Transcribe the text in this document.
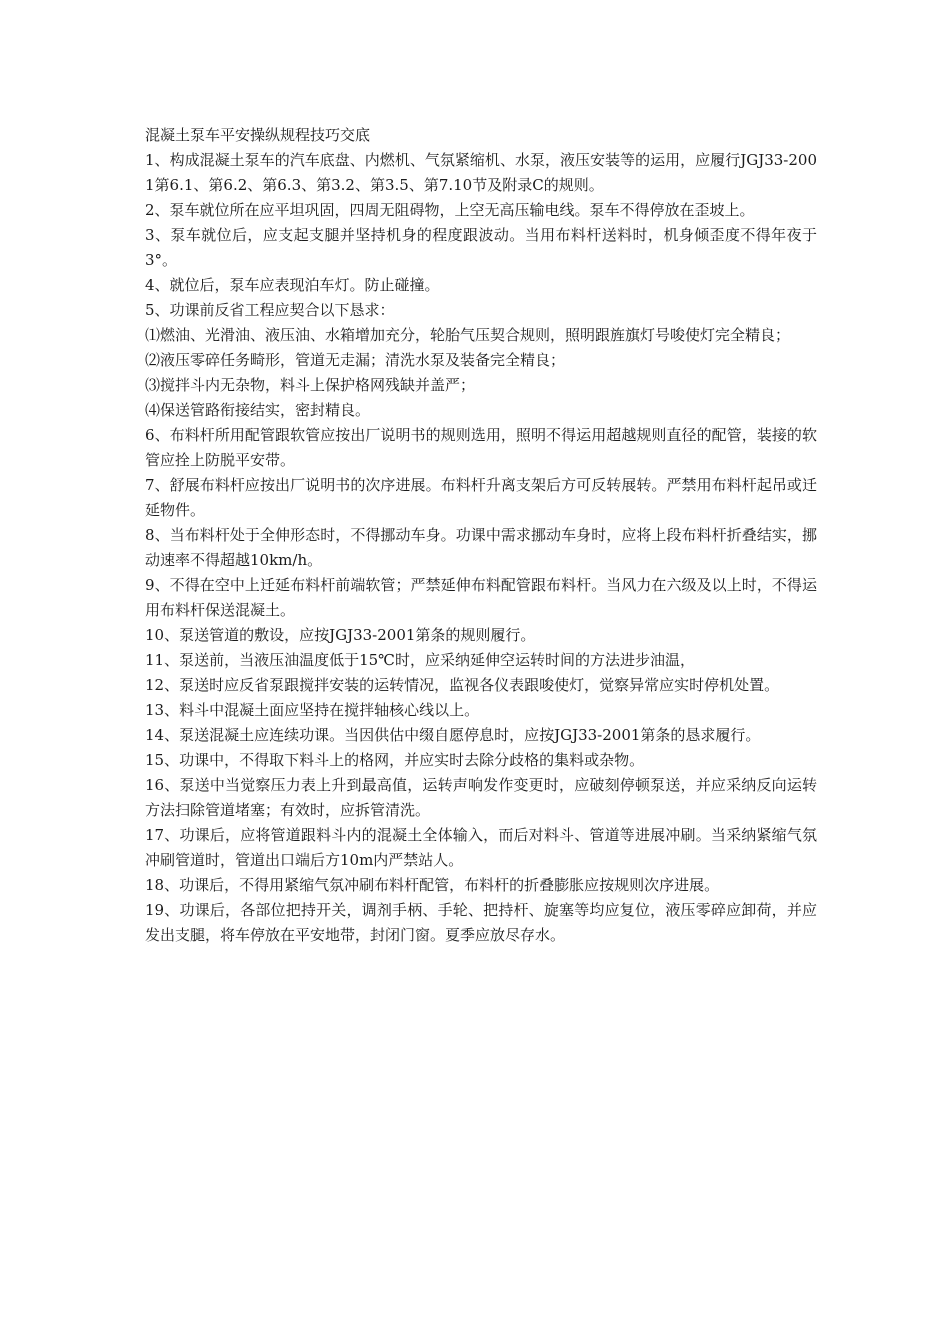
混凝土泵车平安操纵规程技巧交底

1、构成混凝土泵车的汽车底盘、内燃机、气氛紧缩机、水泵，液压安装等的运用，应履行JGJ33-2001第6.1、第6.2、第6.3、第3.2、第3.5、第7.10节及附录C的规则。

2、泵车就位所在应平坦巩固，四周无阻碍物，上空无高压输电线。泵车不得停放在歪坡上。

3、泵车就位后，应支起支腿并坚持机身的程度跟波动。当用布料杆送料时，机身倾歪度不得年夜于3°。

4、就位后，泵车应表现泊车灯。防止碰撞。

5、功课前反省工程应契合以下恳求：

⑴燃油、光滑油、液压油、水箱增加充分，轮胎气压契合规则，照明跟旌旗灯号唆使灯完全精良；

⑵液压零碎任务畸形，管道无走漏；清洗水泵及装备完全精良；

⑶搅拌斗内无杂物，料斗上保护格网残缺并盖严；

⑷保送管路衔接结实，密封精良。

6、布料杆所用配管跟软管应按出厂说明书的规则选用，照明不得运用超越规则直径的配管，装接的软管应拴上防脱平安带。

7、舒展布料杆应按出厂说明书的次序进展。布料杆升离支架后方可反转展转。严禁用布料杆起吊或迁延物件。

8、当布料杆处于全伸形态时，不得挪动车身。功课中需求挪动车身时，应将上段布料杆折叠结实，挪动速率不得超越10km/h。

9、不得在空中上迁延布料杆前端软管；严禁延伸布料配管跟布料杆。当风力在六级及以上时，不得运用布料杆保送混凝土。

10、泵送管道的敷设，应按JGJ33-2001第条的规则履行。

11、泵送前，当液压油温度低于15℃时，应采纳延伸空运转时间的方法进步油温，

12、泵送时应反省泵跟搅拌安装的运转情况，监视各仪表跟唆使灯，觉察异常应实时停机处置。

13、料斗中混凝土面应坚持在搅拌轴核心线以上。

14、泵送混凝土应连续功课。当因供估中缀自愿停息时，应按JGJ33-2001第条的恳求履行。

15、功课中，不得取下料斗上的格网，并应实时去除分歧格的集料或杂物。

16、泵送中当觉察压力表上升到最高值，运转声响发作变更时，应破刻停顿泵送，并应采纳反向运转方法扫除管道堵塞；有效时，应拆管清洗。

17、功课后，应将管道跟料斗内的混凝土全体输入，而后对料斗、管道等进展冲刷。当采纳紧缩气氛冲刷管道时，管道出口端后方10m内严禁站人。

18、功课后，不得用紧缩气氛冲刷布料杆配管，布料杆的折叠膨胀应按规则次序进展。

19、功课后，各部位把持开关，调剂手柄、手轮、把持杆、旋塞等均应复位，液压零碎应卸荷，并应发出支腿，将车停放在平安地带，封闭门窗。夏季应放尽存水。
